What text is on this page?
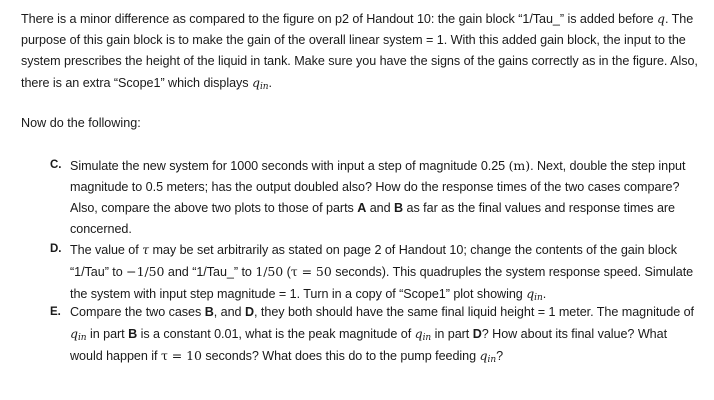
There is a minor difference as compared to the figure on p2 of Handout 10: the gain block “1/Tau_” is added before q. The purpose of this gain block is to make the gain of the overall linear system = 1. With this added gain block, the input to the system prescribes the height of the liquid in tank. Make sure you have the signs of the gains correctly as in the figure. Also, there is an extra “Scope1” which displays $q_{in}$.

Now do the following:

C. Simulate the new system for 1000 seconds with input a step of magnitude 0.25 (m). Next, double the step input magnitude to 0.5 meters; has the output doubled also? How do the response times of the two cases compare? Also, compare the above two plots to those of parts A and B as far as the final values and response times are concerned.
D. The value of τ may be set arbitrarily as stated on page 2 of Handout 10; change the contents of the gain block “1/Tau” to −1/50 and “1/Tau_” to 1/50 (τ = 50 seconds). This quadruples the system response speed. Simulate the system with input step magnitude = 1. Turn in a copy of “Scope1” plot showing $q_{in}$.
E. Compare the two cases B, and D, they both should have the same final liquid height = 1 meter. The magnitude of $q_{in}$ in part B is a constant 0.01, what is the peak magnitude of $q_{in}$ in part D? How about its final value? What would happen if τ = 10 seconds? What does this do to the pump feeding $q_{in}$?
